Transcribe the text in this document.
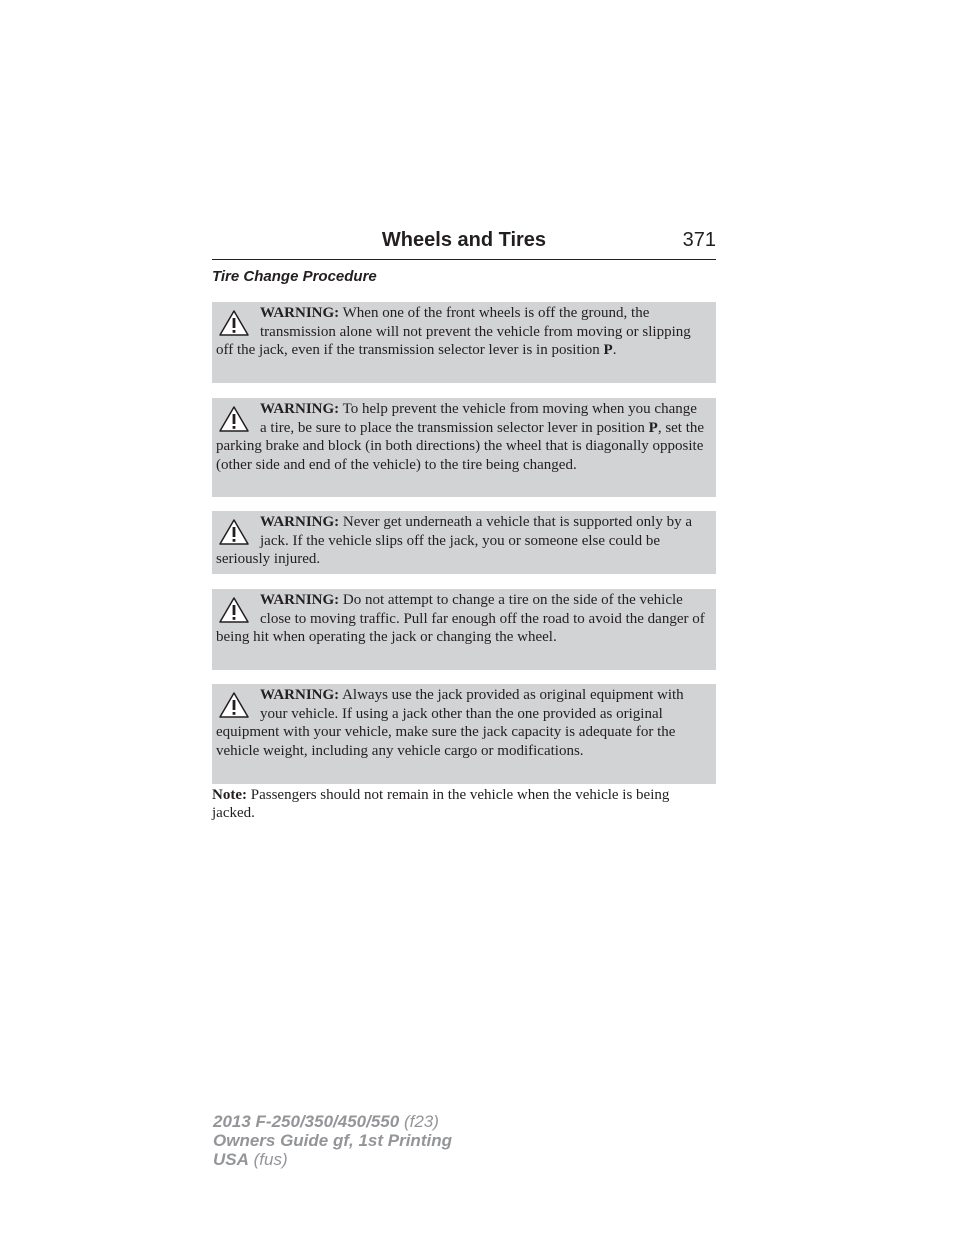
Wheels and Tires	371
Tire Change Procedure
WARNING: When one of the front wheels is off the ground, the transmission alone will not prevent the vehicle from moving or slipping off the jack, even if the transmission selector lever is in position P.
WARNING: To help prevent the vehicle from moving when you change a tire, be sure to place the transmission selector lever in position P, set the parking brake and block (in both directions) the wheel that is diagonally opposite (other side and end of the vehicle) to the tire being changed.
WARNING: Never get underneath a vehicle that is supported only by a jack. If the vehicle slips off the jack, you or someone else could be seriously injured.
WARNING: Do not attempt to change a tire on the side of the vehicle close to moving traffic. Pull far enough off the road to avoid the danger of being hit when operating the jack or changing the wheel.
WARNING: Always use the jack provided as original equipment with your vehicle. If using a jack other than the one provided as original equipment with your vehicle, make sure the jack capacity is adequate for the vehicle weight, including any vehicle cargo or modifications.
Note: Passengers should not remain in the vehicle when the vehicle is being jacked.
2013 F-250/350/450/550 (f23)
Owners Guide gf, 1st Printing
USA (fus)
